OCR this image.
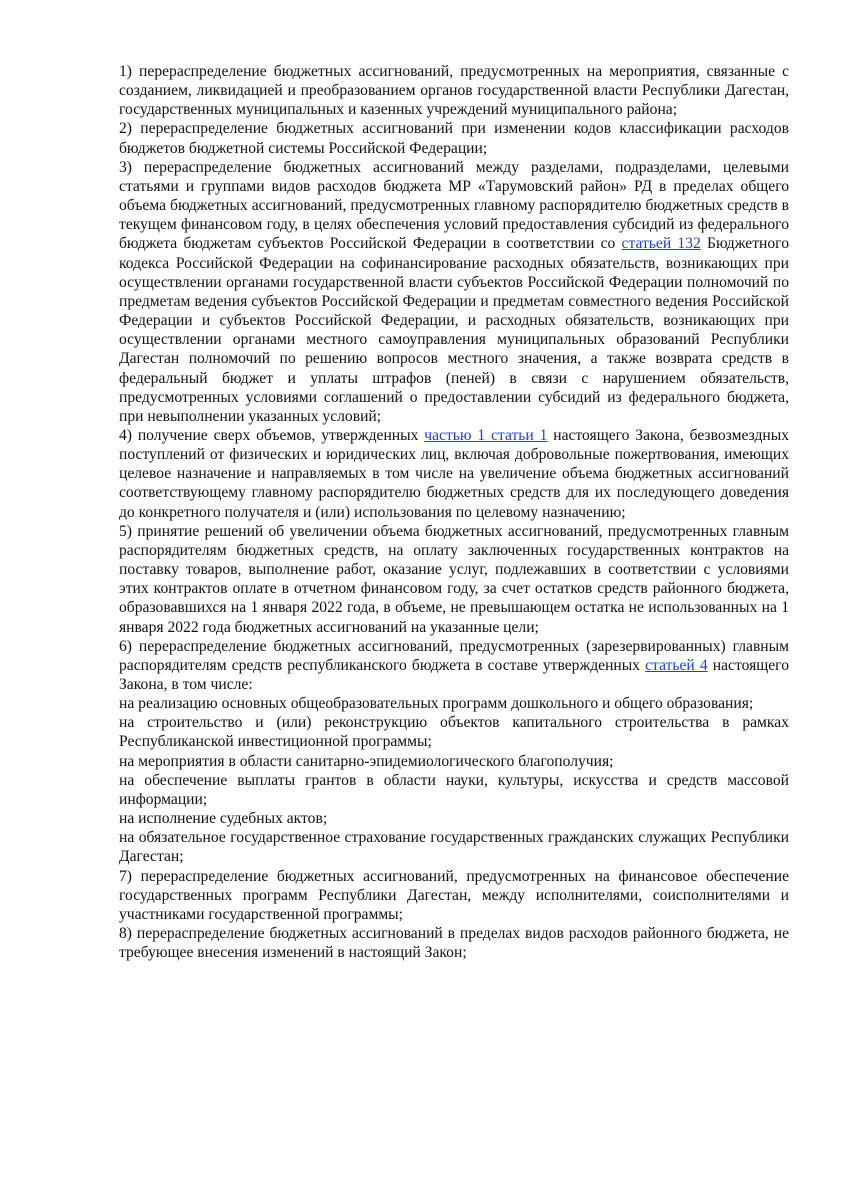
1) перераспределение бюджетных ассигнований, предусмотренных на мероприятия, связанные с созданием, ликвидацией и преобразованием органов государственной власти Республики Дагестан, государственных муниципальных и казенных учреждений муниципального района;

2) перераспределение бюджетных ассигнований при изменении кодов классификации расходов бюджетов бюджетной системы Российской Федерации;

3) перераспределение бюджетных ассигнований между разделами, подразделами, целевыми статьями и группами видов расходов бюджета МР «Тарумовский район» РД в пределах общего объема бюджетных ассигнований, предусмотренных главному распорядителю бюджетных средств в текущем финансовом году, в целях обеспечения условий предоставления субсидий из федерального бюджета бюджетам субъектов Российской Федерации в соответствии со статьей 132 Бюджетного кодекса Российской Федерации на софинансирование расходных обязательств, возникающих при осуществлении органами государственной власти субъектов Российской Федерации полномочий по предметам ведения субъектов Российской Федерации и предметам совместного ведения Российской Федерации и субъектов Российской Федерации, и расходных обязательств, возникающих при осуществлении органами местного самоуправления муниципальных образований Республики Дагестан полномочий по решению вопросов местного значения, а также возврата средств в федеральный бюджет и уплаты штрафов (пеней) в связи с нарушением обязательств, предусмотренных условиями соглашений о предоставлении субсидий из федерального бюджета, при невыполнении указанных условий;

4) получение сверх объемов, утвержденных частью 1 статьи 1 настоящего Закона, безвозмездных поступлений от физических и юридических лиц, включая добровольные пожертвования, имеющих целевое назначение и направляемых в том числе на увеличение объема бюджетных ассигнований соответствующему главному распорядителю бюджетных средств для их последующего доведения до конкретного получателя и (или) использования по целевому назначению;

5) принятие решений об увеличении объема бюджетных ассигнований, предусмотренных главным распорядителям бюджетных средств, на оплату заключенных государственных контрактов на поставку товаров, выполнение работ, оказание услуг, подлежавших в соответствии с условиями этих контрактов оплате в отчетном финансовом году, за счет остатков средств районного бюджета, образовавшихся на 1 января 2022 года, в объеме, не превышающем остатка не использованных на 1 января 2022 года бюджетных ассигнований на указанные цели;

6) перераспределение бюджетных ассигнований, предусмотренных (зарезервированных) главным распорядителям средств республиканского бюджета в составе утвержденных статьей 4 настоящего Закона, в том числе:

на реализацию основных общеобразовательных программ дошкольного и общего образования;

на строительство и (или) реконструкцию объектов капитального строительства в рамках Республиканской инвестиционной программы;

на мероприятия в области санитарно-эпидемиологического благополучия;

на обеспечение выплаты грантов в области науки, культуры, искусства и средств массовой информации;

на исполнение судебных актов;

на обязательное государственное страхование государственных гражданских служащих Республики Дагестан;

7) перераспределение бюджетных ассигнований, предусмотренных на финансовое обеспечение государственных программ Республики Дагестан, между исполнителями, соисполнителями и участниками государственной программы;

8) перераспределение бюджетных ассигнований в пределах видов расходов районного бюджета, не требующее внесения изменений в настоящий Закон;
